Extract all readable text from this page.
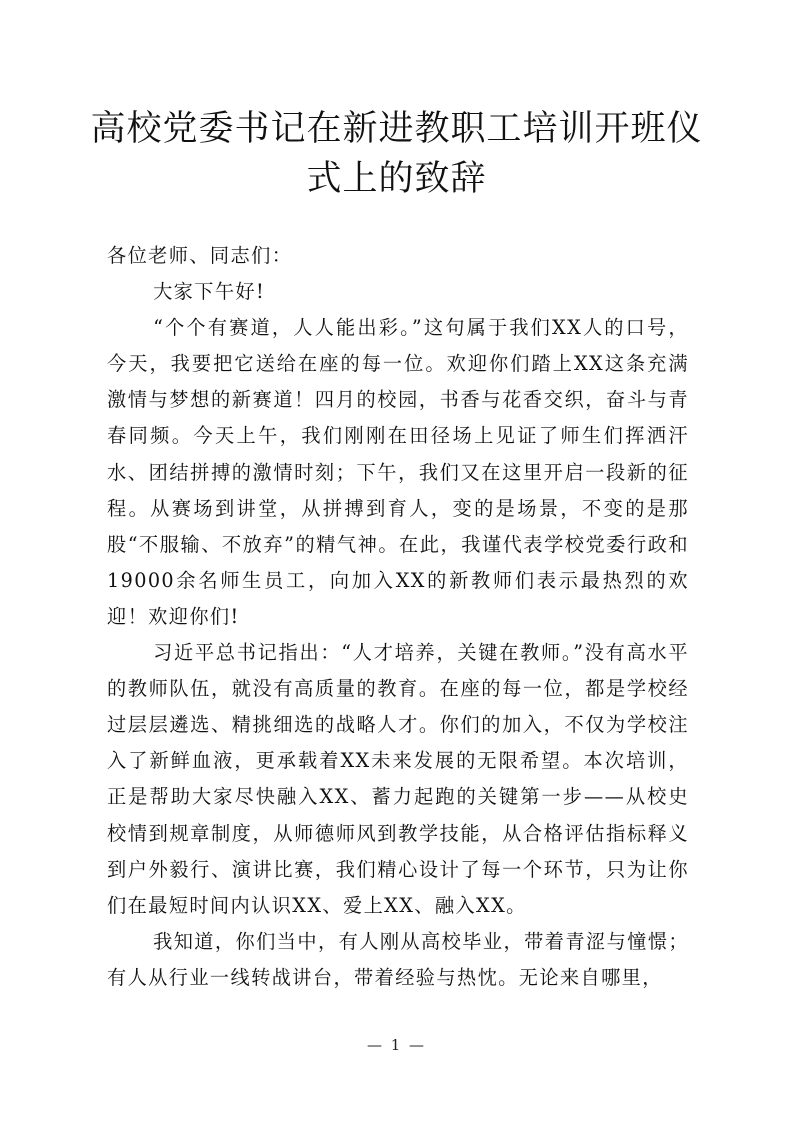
高校党委书记在新进教职工培训开班仪式上的致辞

各位老师、同志们：

大家下午好!

“个个有赛道，人人能出彩。”这句属于我们XX人的口号，今天，我要把它送给在座的每一位。欢迎你们踏上XX这条充满激情与梦想的新赛道！四月的校园，书香与花香交织，奋斗与青春同频。今天上午，我们刚刚在田径场上见证了师生们挥洒汗水、团结拼搏的激情时刻；下午，我们又在这里开启一段新的征程。从赛场到讲堂，从拼搏到育人，变的是场景，不变的是那股“不服输、不放弃”的精气神。在此，我谨代表学校党委行政和19000余名师生员工，向加入XX的新教师们表示最热烈的欢迎！欢迎你们!

习近平总书记指出：“人才培养，关键在教师。”没有高水平的教师队伍，就没有高质量的教育。在座的每一位，都是学校经过层层遴选、精挑细选的战略人才。你们的加入，不仅为学校注入了新鲜血液，更承载着XX未来发展的无限希望。本次培训，正是帮助大家尽快融入XX、蓄力起跑的关键第一步——从校史校情到规章制度，从师德师风到教学技能，从合格评估指标释义到户外毅行、演讲比赛，我们精心设计了每一个环节，只为让你们在最短时间内认识XX、爱上XX、融入XX。

我知道，你们当中，有人刚从高校毕业，带着青涩与憧憬；有人从行业一线转战讲台，带着经验与热忱。无论来自哪里，

— 1 —
